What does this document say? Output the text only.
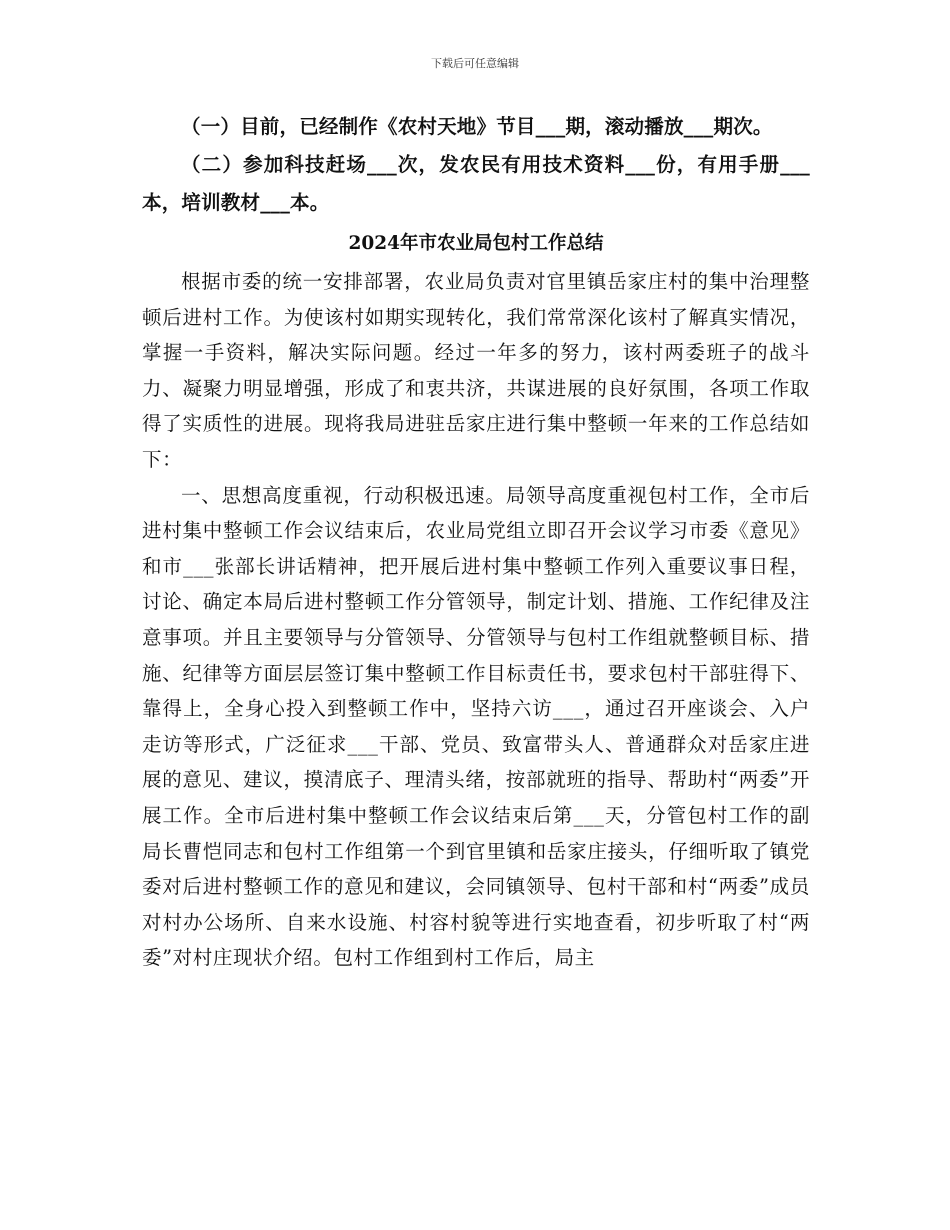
下载后可任意编辑

（一）目前，已经制作《农村天地》节目___期，滚动播放___期次。

（二）参加科技赶场___次，发农民有用技术资料___份，有用手册___本，培训教材___本。

2024年市农业局包村工作总结

根据市委的统一安排部署，农业局负责对官里镇岳家庄村的集中治理整顿后进村工作。为使该村如期实现转化，我们常常深化该村了解真实情况，掌握一手资料，解决实际问题。经过一年多的努力，该村两委班子的战斗力、凝聚力明显增强，形成了和衷共济，共谋进展的良好氛围，各项工作取得了实质性的进展。现将我局进驻岳家庄进行集中整顿一年来的工作总结如下：

一、思想高度重视，行动积极迅速。局领导高度重视包村工作，全市后进村集中整顿工作会议结束后，农业局党组立即召开会议学习市委《意见》和市___张部长讲话精神，把开展后进村集中整顿工作列入重要议事日程，讨论、确定本局后进村整顿工作分管领导，制定计划、措施、工作纪律及注意事项。并且主要领导与分管领导、分管领导与包村工作组就整顿目标、措施、纪律等方面层层签订集中整顿工作目标责任书，要求包村干部驻得下、靠得上，全身心投入到整顿工作中，坚持六访___，通过召开座谈会、入户走访等形式，广泛征求___干部、党员、致富带头人、普通群众对岳家庄进展的意见、建议，摸清底子、理清头绪，按部就班的指导、帮助村“两委”开展工作。全市后进村集中整顿工作会议结束后第___天，分管包村工作的副局长曹恺同志和包村工作组第一个到官里镇和岳家庄接头，仔细听取了镇党委对后进村整顿工作的意见和建议，会同镇领导、包村干部和村“两委”成员对村办公场所、自来水设施、村容村貌等进行实地查看，初步听取了村“两委”对村庄现状介绍。包村工作组到村工作后，局主
